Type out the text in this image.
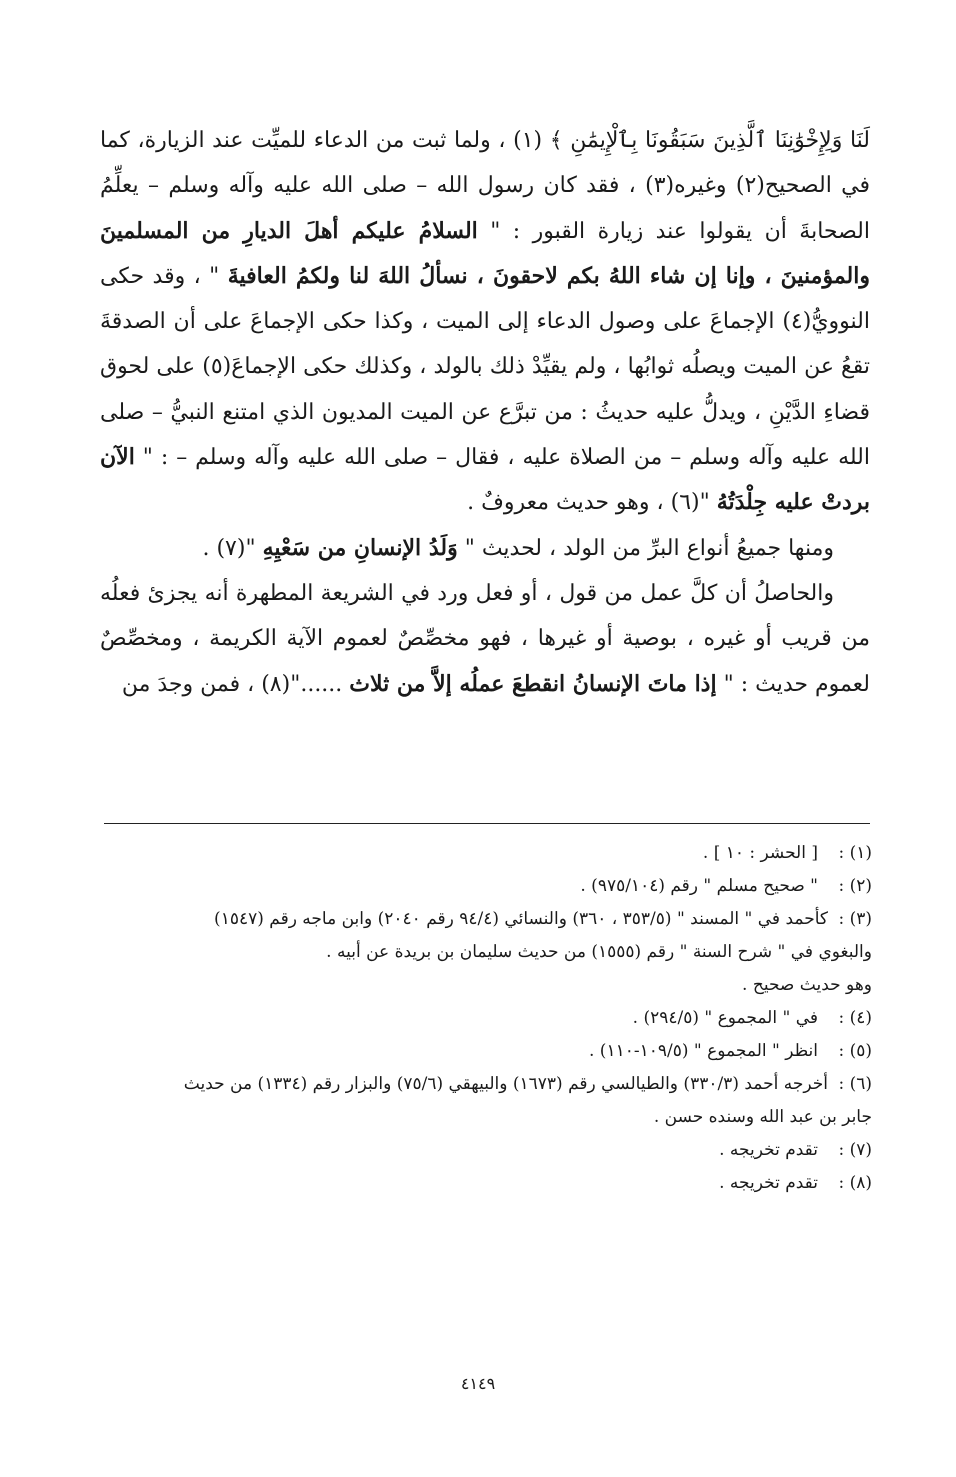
لَنَا وَلِإِخْوَٰنِنَا ٱلَّذِينَ سَبَقُونَا بِٱلْإِيمَٰنِ ﴾ (١) ، ولما ثبت من الدعاء للميِّت عند الزيارة، كما في الصحيح(٢) وغيره(٣) ، فقد كان رسول الله – صلى الله عليه وآله وسلم – يعلِّمُ الصحابةَ أن يقولوا عند زيارة القبور : " السلامُ عليكم أهلَ الديارِ من المسلمينَ والمؤمنينَ ، وإنا إن شاء اللهُ بكم لاحقونَ ، نسألُ اللهَ لنا ولكمُ العافيةَ " ، وقد حكى النوويُّ(٤) الإجماعَ على وصول الدعاء إلى الميت ، وكذا حكى الإجماعَ على أن الصدقةَ تقعُ عن الميت ويصلُه ثوابُها ، ولم يقيِّدْ ذلك بالولد ، وكذلك حكى الإجماعَ(٥) على لحوق قضاءِ الدَّيْنِ ، ويدلُّ عليه حديثُ : من تبرَّع عن الميت المديون الذي امتنع النبيُّ – صلى الله عليه وآله وسلم – من الصلاة عليه ، فقال – صلى الله عليه وآله وسلم – : " الآن بردتْ عليه جِلْدَتُهُ "(٦) ، وهو حديث معروفٌ .

ومنها جميعُ أنواع البرِّ من الولد ، لحديث " وَلَدُ الإنسانِ من سَعْيِهِ "(٧) .

والحاصلُ أن كلَّ عمل من قول ، أو فعل ورد في الشريعة المطهرة أنه يجزئ فعلُه من قريب أو غيره ، بوصية أو غيرها ، فهو مخصِّصٌ لعموم الآية الكريمة ، ومخصِّصٌ لعموم حديث : " إذا ماتَ الإنسانُ انقطعَ عملُه إلاَّ من ثلاث ......"(٨) ، فمن وجدَ من

(١) :[ الحشر : ١٠ ] .

(٢) :" صحيح مسلم " رقم (٩٧٥/١٠٤) .

(٣) :كأحمد في " المسند " (٣٥٣/٥ ، ٣٦٠) والنسائي (٩٤/٤ رقم ٢٠٤٠) وابن ماجه رقم (١٥٤٧)

والبغوي في " شرح السنة " رقم (١٥٥٥) من حديث سليمان بن بريدة عن أبيه .

وهو حديث صحيح .

(٤) :في " المجموع " (٢٩٤/٥) .

(٥) :انظر " المجموع " (١٠٩/٥-١١٠) .

(٦) :أخرجه أحمد (٣٣٠/٣) والطيالسي رقم (١٦٧٣) والبيهقي (٧٥/٦) والبزار رقم (١٣٣٤) من حديث

جابر بن عبد الله وسنده حسن .

(٧) :تقدم تخريجه .

(٨) :تقدم تخريجه .

٤١٤٩
